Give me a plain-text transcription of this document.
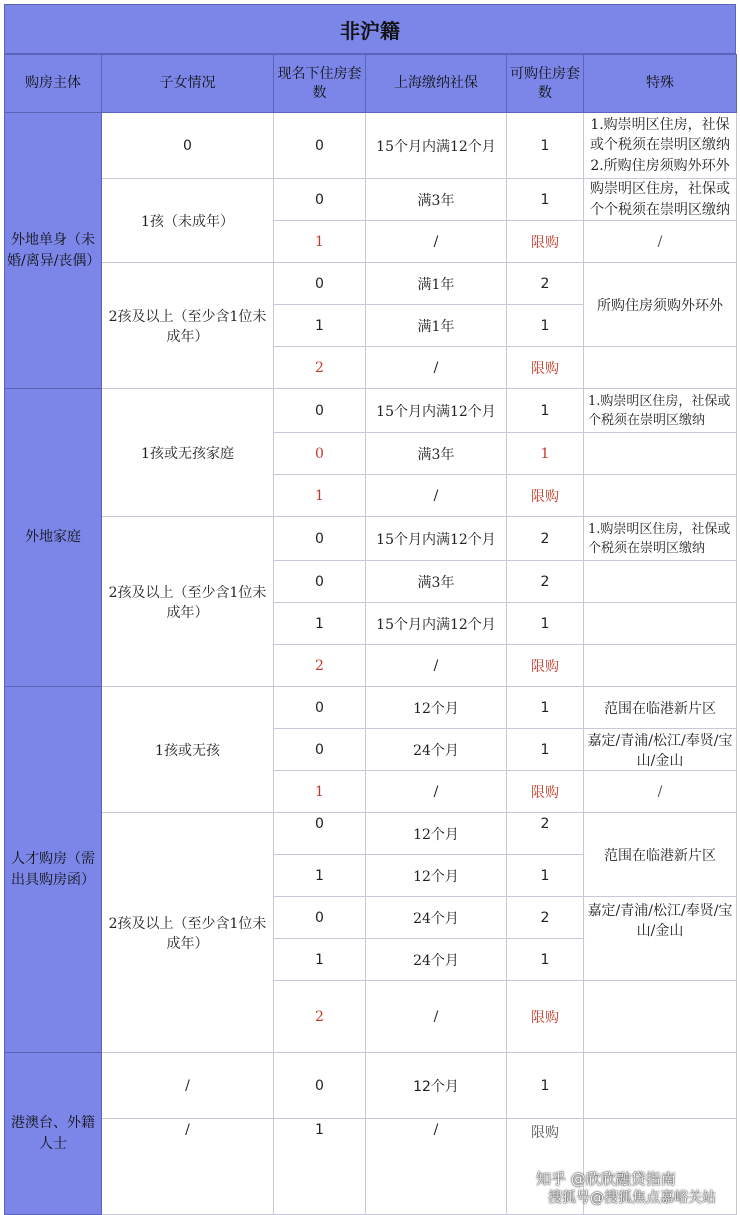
非沪籍
购房主体	子女情况	现名下住房套数	上海缴纳社保	可购住房套数	特殊
外地单身（未婚/离异/丧偶）	0	0	15个月内满12个月	1	1.购崇明区住房，社保或个税须在崇明区缴纳 2.所购住房须购外环外
	1孩（未成年）	0	满3年	1	购崇明区住房，社保或个个税须在崇明区缴纳
		1	/	限购	/
	2孩及以上（至少含1位未成年）	0	满1年	2	所购住房须购外环外
		1	满1年	1	
		2	/	限购	
外地家庭	1孩或无孩家庭	0	15个月内满12个月	1	1.购崇明区住房，社保或个税须在崇明区缴纳

		0	满3年	1	
		1	/	限购	
	2孩及以上（至少含1位未成年）	0	15个月内满12个月	2	1.购崇明区住房，社保或个税须在崇明区缴纳

		0	满3年	2	
		1	15个月内满12个月	1	
		2	/	限购	
人才购房（需出具购房函）	1孩或无孩	0	12个月	1	范围在临港新片区
		0	24个月	1	嘉定/青浦/松江/奉贤/宝山/金山
		1	/	限购	/
	2孩及以上（至少含1位未成年）	0	12个月	2	范围在临港新片区
		1	12个月	1	
		0	24个月	2	嘉定/青浦/松江/奉贤/宝山/金山
		1	24个月	1	
		2	/	限购	
港澳台、外籍人士	/	0	12个月	1	
	/	1	/	限购	
知乎 @欣欣融贷指南
搜狐号@搜狐焦点嘉峪关站
